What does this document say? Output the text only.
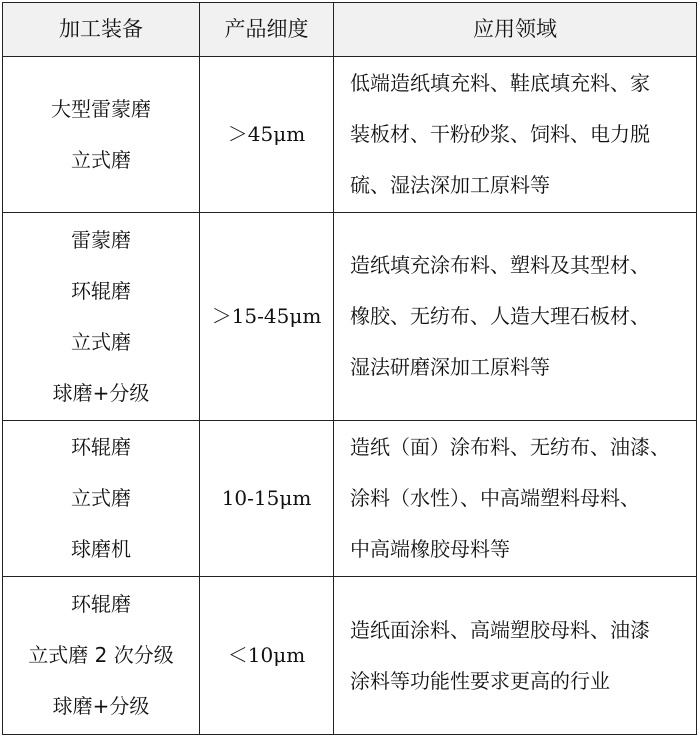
加工装备	产品细度	应用领域

大型雷蒙磨
立式磨	＞45μm	低端造纸填充料、鞋底填充料、家
装板材、干粉砂浆、饲料、电力脱
硫、湿法深加工原料等

雷蒙磨
环辊磨
立式磨
球磨+分级	＞15-45μm	造纸填充涂布料、塑料及其型材、
橡胶、无纺布、人造大理石板材、
湿法研磨深加工原料等

环辊磨
立式磨
球磨机	10-15μm	造纸（面）涂布料、无纺布、油漆、
涂料（水性）、中高端塑料母料、
中高端橡胶母料等

环辊磨
立式磨 2 次分级
球磨+分级	＜10μm	造纸面涂料、高端塑胶母料、油漆
涂料等功能性要求更高的行业
